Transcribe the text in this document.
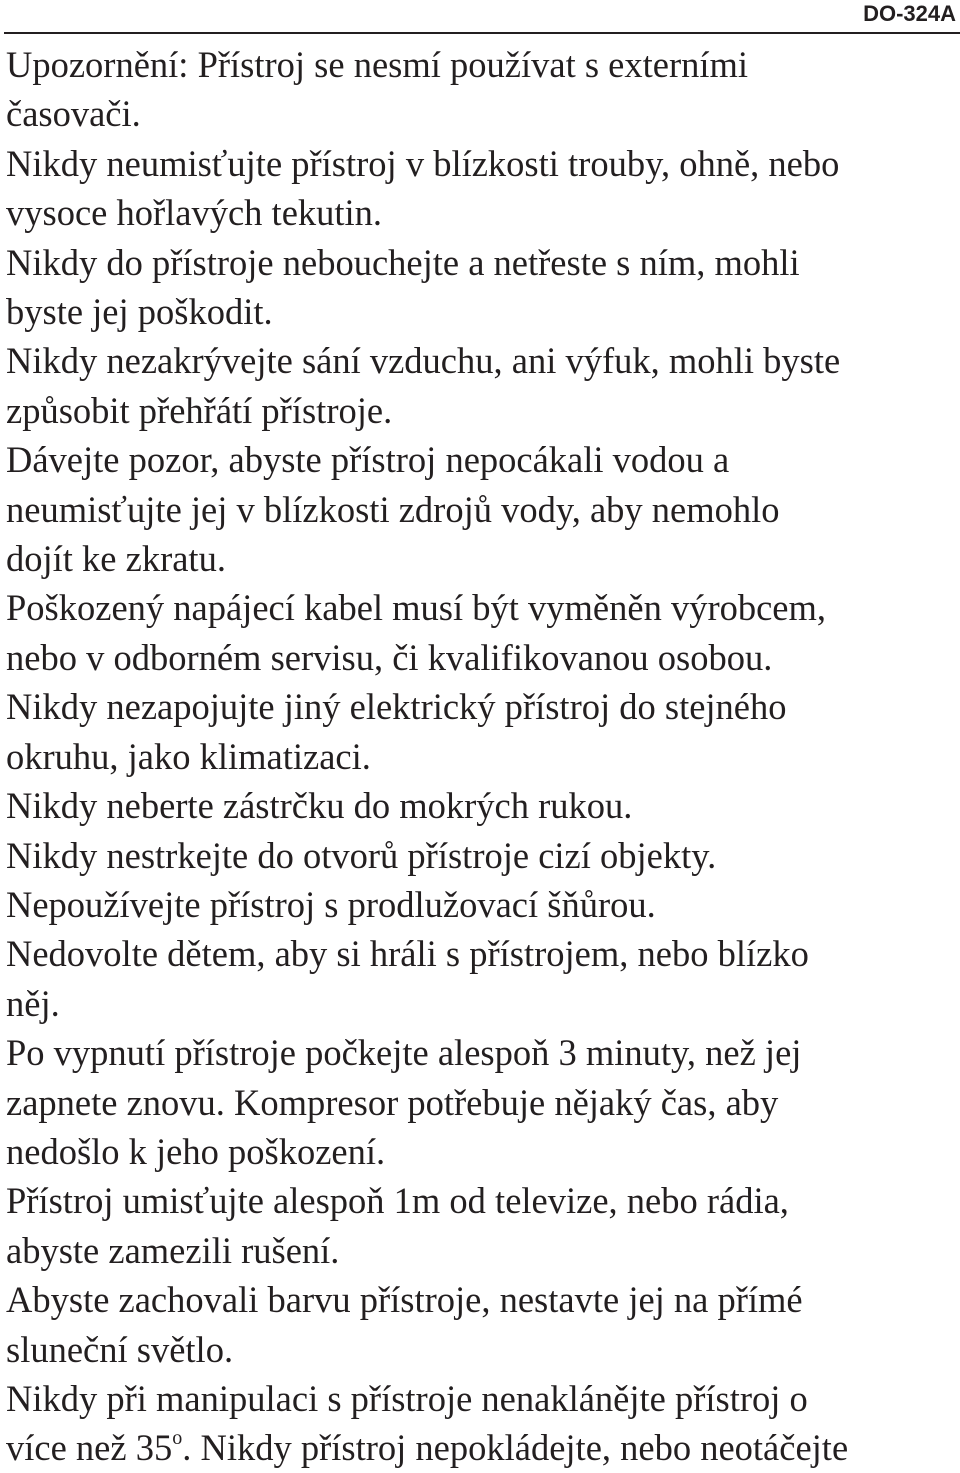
DO-324A

Upozornění: Přístroj se nesmí používat s externími
časovači.

Nikdy neumisťujte přístroj v blízkosti trouby, ohně, nebo
vysoce hořlavých tekutin.

Nikdy do přístroje nebouchejte a netřeste s ním, mohli
byste jej poškodit.

Nikdy nezakrývejte sání vzduchu, ani výfuk, mohli byste
způsobit přehřátí přístroje.

Dávejte pozor, abyste přístroj nepocákali vodou a
neumisťujte jej v blízkosti zdrojů vody, aby nemohlo
dojít ke zkratu.

Poškozený napájecí kabel musí být vyměněn výrobcem,
nebo v odborném servisu, či kvalifikovanou osobou.

Nikdy nezapojujte jiný elektrický přístroj do stejného
okruhu, jako klimatizaci.

Nikdy neberte zástrčku do mokrých rukou.

Nikdy nestrkejte do otvorů přístroje cizí objekty.

Nepoužívejte přístroj s prodlužovací šňůrou.

Nedovolte dětem, aby si hráli s přístrojem, nebo blízko
něj.

Po vypnutí přístroje počkejte alespoň 3 minuty, než jej
zapnete znovu. Kompresor potřebuje nějaký čas, aby
nedošlo k jeho poškození.

Přístroj umisťujte alespoň 1m od televize, nebo rádia,
abyste zamezili rušení.

Abyste zachovali barvu přístroje, nestavte jej na přímé
sluneční světlo.

Nikdy při manipulaci s přístroje nenaklánějte přístroj o
více než 35$^o$. Nikdy přístroj nepokládejte, nebo neotáčejte
